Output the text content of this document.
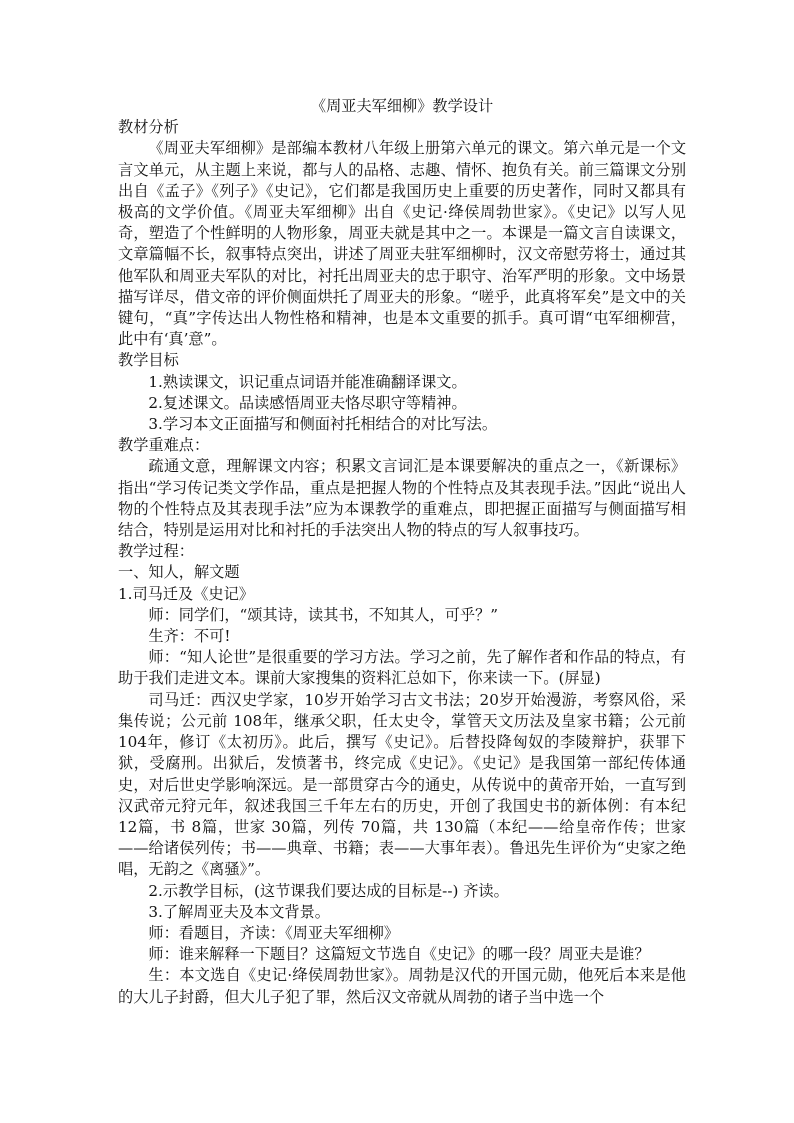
《周亚夫军细柳》教学设计
教材分析
《周亚夫军细柳》是部编本教材八年级上册第六单元的课文。第六单元是一个文言文单元，从主题上来说，都与人的品格、志趣、情怀、抱负有关。前三篇课文分别出自《孟子》《列子》《史记》，它们都是我国历史上重要的历史著作，同时又都具有极高的文学价值。《周亚夫军细柳》出自《史记·绛侯周勃世家》。《史记》以写人见奇，塑造了个性鲜明的人物形象，周亚夫就是其中之一。本课是一篇文言自读课文，文章篇幅不长，叙事特点突出，讲述了周亚夫驻军细柳时，汉文帝慰劳将士，通过其他军队和周亚夫军队的对比，衬托出周亚夫的忠于职守、治军严明的形象。文中场景描写详尽，借文帝的评价侧面烘托了周亚夫的形象。“嗟乎，此真将军矣”是文中的关键句，“真”字传达出人物性格和精神，也是本文重要的抓手。真可谓“屯军细柳营，此中有‘真’意”。
教学目标
1.熟读课文，识记重点词语并能准确翻译课文。
2.复述课文。品读感悟周亚夫恪尽职守等精神。
3.学习本文正面描写和侧面衬托相结合的对比写法。
教学重难点：
疏通文意，理解课文内容；积累文言词汇是本课要解决的重点之一，《新课标》指出“学习传记类文学作品，重点是把握人物的个性特点及其表现手法。”因此“说出人物的个性特点及其表现手法”应为本课教学的重难点，即把握正面描写与侧面描写相结合，特别是运用对比和衬托的手法突出人物的特点的写人叙事技巧。
教学过程：
一、知人，解文题
1.司马迁及《史记》
师：同学们，“颂其诗，读其书，不知其人，可乎？”
生齐：不可!
师：“知人论世”是很重要的学习方法。学习之前，先了解作者和作品的特点，有助于我们走进文本。课前大家搜集的资料汇总如下，你来读一下。(屏显)
司马迁：西汉史学家，10岁开始学习古文书法；20岁开始漫游，考察风俗，采集传说；公元前 108年，继承父职，任太史令，掌管天文历法及皇家书籍；公元前 104年，修订《太初历》。此后，撰写《史记》。后替投降匈奴的李陵辩护，获罪下狱，受腐刑。出狱后，发愤著书，终完成《史记》。《史记》是我国第一部纪传体通史，对后世史学影响深远。是一部贯穿古今的通史，从传说中的黄帝开始，一直写到汉武帝元狩元年，叙述我国三千年左右的历史，开创了我国史书的新体例：有本纪 12篇，书 8篇，世家 30篇，列传 70篇，共 130篇（本纪——给皇帝作传；世家——给诸侯列传；书——典章、书籍；表——大事年表）。鲁迅先生评价为“史家之绝唱，无韵之《离骚》”。
2.示教学目标，(这节课我们要达成的目标是--) 齐读。
3.了解周亚夫及本文背景。
师：看题目，齐读：《周亚夫军细柳》
师：谁来解释一下题目？这篇短文节选自《史记》的哪一段？周亚夫是谁？
生：本文选自《史记·绛侯周勃世家》。周勃是汉代的开国元勋，他死后本来是他的大儿子封爵，但大儿子犯了罪，然后汉文帝就从周勃的诸子当中选一个
